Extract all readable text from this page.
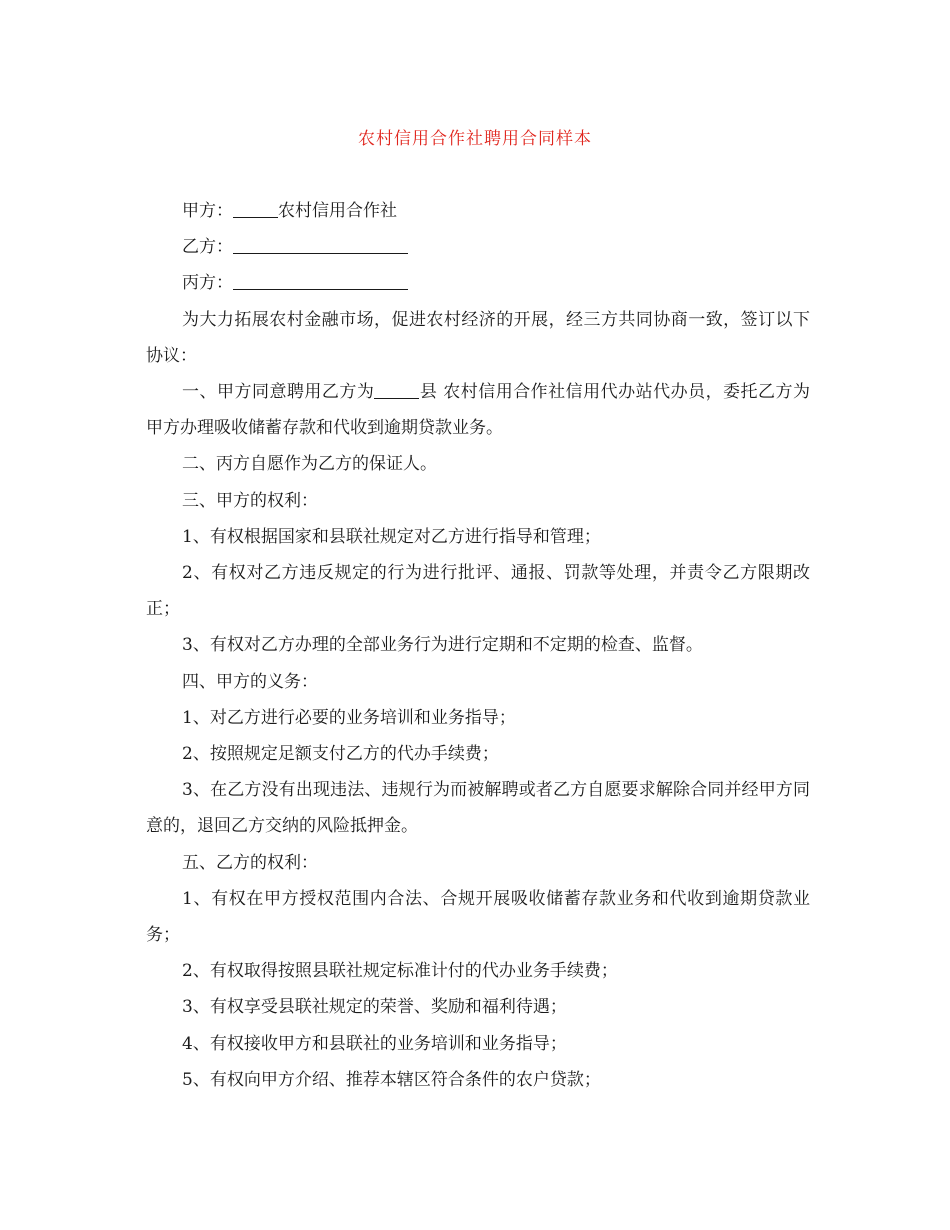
农村信用合作社聘用合同样本

甲方：	农村信用合作社

乙方：

丙方：

为大力拓展农村金融市场，促进农村经济的开展，经三方共同协商一致，签订以下协议：

一、甲方同意聘用乙方为	县 农村信用合作社信用代办站代办员，委托乙方为甲方办理吸收储蓄存款和代收到逾期贷款业务。

二、丙方自愿作为乙方的保证人。

三、甲方的权利：

1、有权根据国家和县联社规定对乙方进行指导和管理；

2、有权对乙方违反规定的行为进行批评、通报、罚款等处理，并责令乙方限期改正；

3、有权对乙方办理的全部业务行为进行定期和不定期的检查、监督。

四、甲方的义务：

1、对乙方进行必要的业务培训和业务指导；

2、按照规定足额支付乙方的代办手续费；

3、在乙方没有出现违法、违规行为而被解聘或者乙方自愿要求解除合同并经甲方同意的，退回乙方交纳的风险抵押金。

五、乙方的权利：

1、有权在甲方授权范围内合法、合规开展吸收储蓄存款业务和代收到逾期贷款业务；

2、有权取得按照县联社规定标准计付的代办业务手续费；

3、有权享受县联社规定的荣誉、奖励和福利待遇；

4、有权接收甲方和县联社的业务培训和业务指导；

5、有权向甲方介绍、推荐本辖区符合条件的农户贷款；
